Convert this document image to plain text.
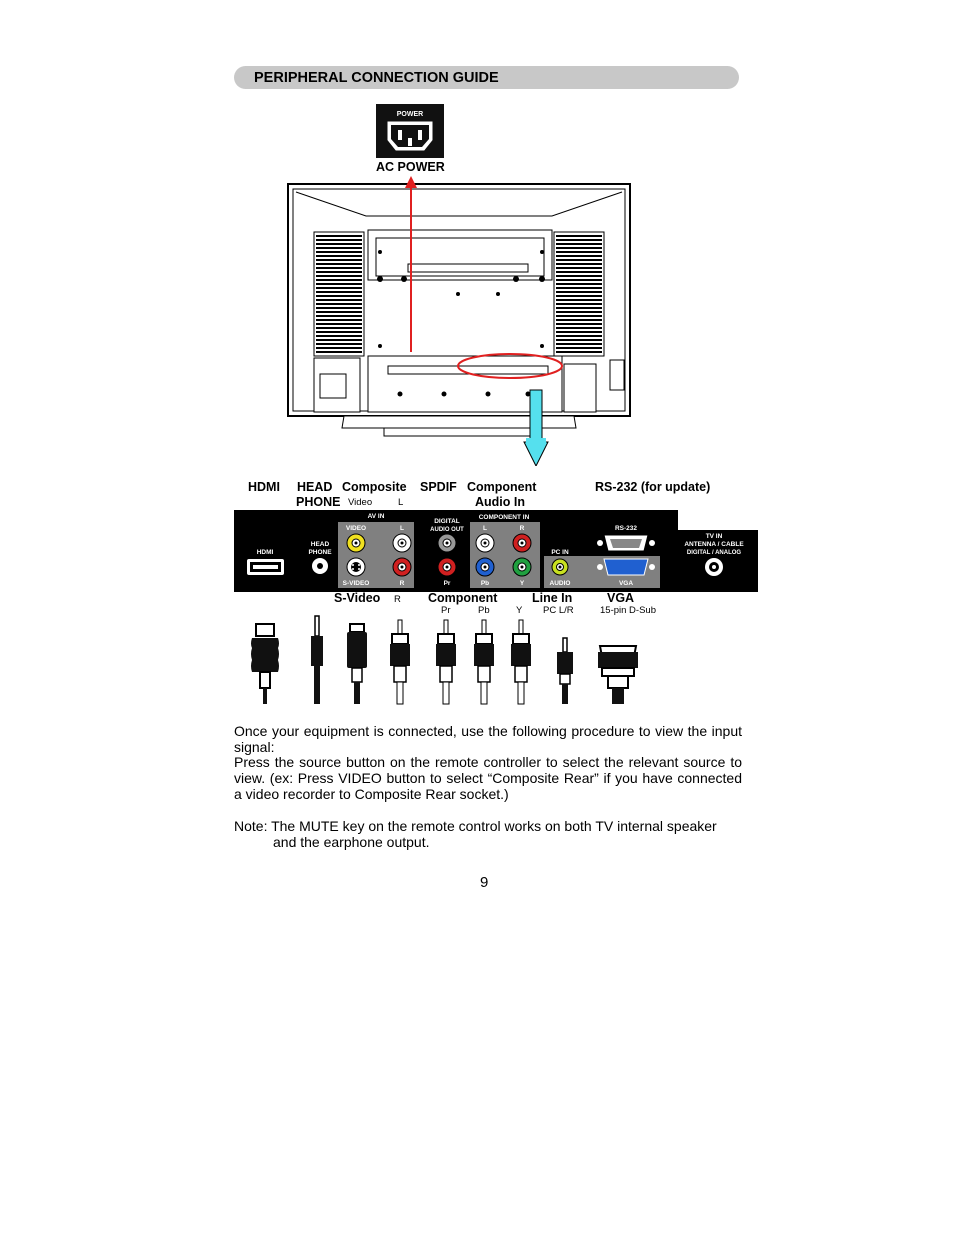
PERIPHERAL CONNECTION GUIDE
POWER
AC POWER
HDMI HEAD
PHONE
Composite
Video	L
SPDIF Component
Audio In
RS-232 (for update)
HDMI
HEAD
PHONE
AV IN
VIDEO	L
S-VIDEO	R
DIGITAL
AUDIO OUT
COMPONENT IN
L	R
Pr	Pb	Y
PC IN
AUDIO	VGA
RS-232
TV IN
ANTENNA / CABLE
DIGITAL / ANALOG
S-Video R Component
Pr	Pb	Y
Line In
PC L/R
VGA
15-pin D-Sub
Once your equipment is connected, use the following procedure to view the input signal:
Press the source button on the remote controller to select the relevant source to view. (ex: Press VIDEO button to select “Composite Rear” if you have connected a video recorder to Composite Rear socket.)
Note: The MUTE key on the remote control works on both TV internal speaker
and the earphone output.
9
